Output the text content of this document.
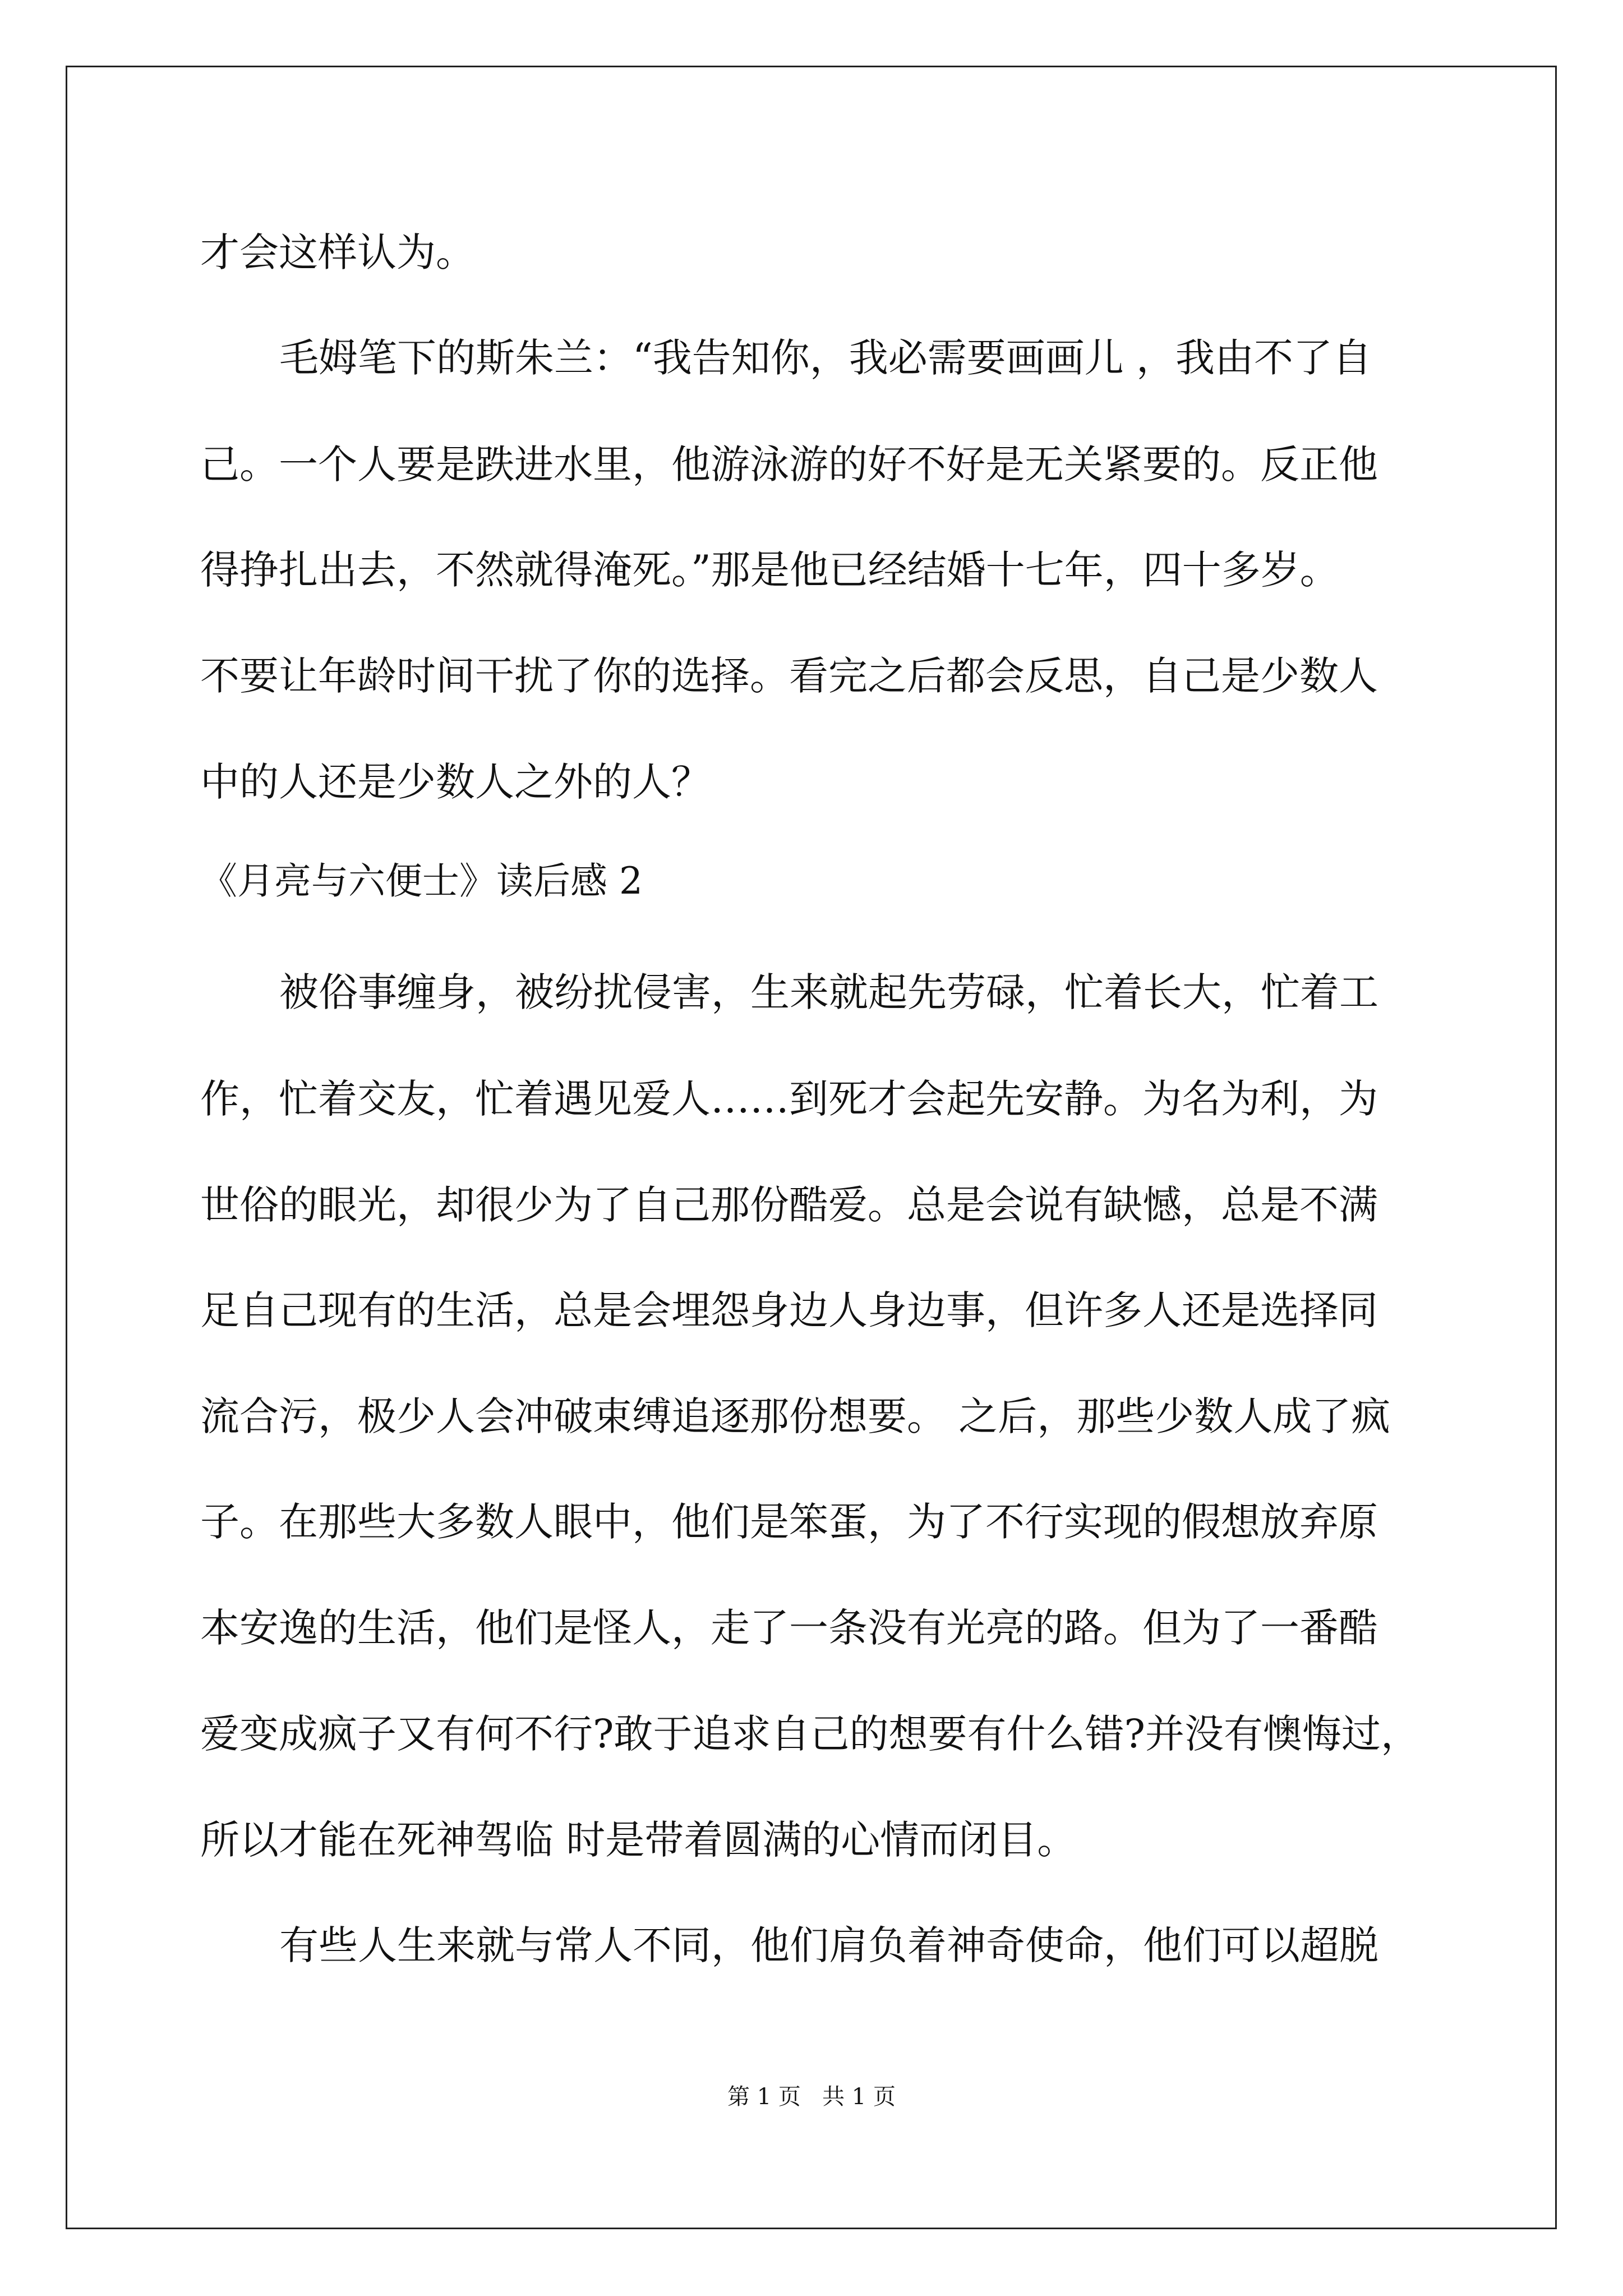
才会这样认为。
毛姆笔下的斯朱兰：“我告知你，我必需要画画儿 ，我由不了自
己。一个人要是跌进水里，他游泳游的好不好是无关紧要的。反正他
得挣扎出去，不然就得淹死。”那是他已经结婚十七年，四十多岁。
不要让年龄时间干扰了你的选择。看完之后都会反思，自己是少数人
中的人还是少数人之外的人？
《月亮与六便士》读后感 2
被俗事缠身，被纷扰侵害，生来就起先劳碌，忙着长大，忙着工
作，忙着交友，忙着遇见爱人……到死才会起先安静。为名为利，为
世俗的眼光，却很少为了自己那份酷爱。总是会说有缺憾，总是不满
足自己现有的生活，总是会埋怨身边人身边事，但许多人还是选择同
流合污，极少人会冲破束缚追逐那份想要。 之后，那些少数人成了疯
子。在那些大多数人眼中，他们是笨蛋，为了不行实现的假想放弃原
本安逸的生活，他们是怪人，走了一条没有光亮的路。但为了一番酷
爱变成疯子又有何不行?敢于追求自己的想要有什么错?并没有懊悔过，
所以才能在死神驾临 时是带着圆满的心情而闭目。
有些人生来就与常人不同，他们肩负着神奇使命，他们可以超脱
第 1 页   共 1 页
